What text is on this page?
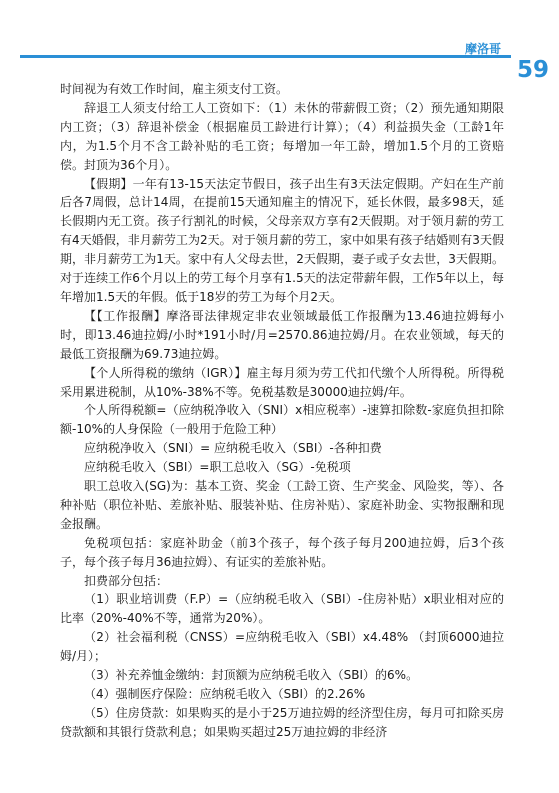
摩洛哥
59

时间视为有效工作时间，雇主须支付工资。

辞退工人须支付给工人工资如下：（1）未休的带薪假工资；（2）预先通知期限内工资；（3）辞退补偿金（根据雇员工龄进行计算）；（4）利益损失金（工龄1年内，为1.5个月不含工龄补贴的毛工资；每增加一年工龄，增加1.5个月的工资赔偿。封顶为36个月）。

【假期】一年有13-15天法定节假日，孩子出生有3天法定假期。产妇在生产前后各7周假，总计14周，在提前15天通知雇主的情况下，延长休假，最多98天，延长假期内无工资。孩子行割礼的时候，父母亲双方享有2天假期。对于领月薪的劳工有4天婚假，非月薪劳工为2天。对于领月薪的劳工，家中如果有孩子结婚则有3天假期，非月薪劳工为1天。家中有人父母去世，2天假期，妻子或子女去世，3天假期。对于连续工作6个月以上的劳工每个月享有1.5天的法定带薪年假，工作5年以上，每年增加1.5天的年假。低于18岁的劳工为每个月2天。

【【工作报酬】摩洛哥法律规定非农业领域最低工作报酬为13.46迪拉姆每小时，即13.46迪拉姆/小时*191小时/月=2570.86迪拉姆/月。在农业领域，每天的最低工资报酬为69.73迪拉姆。

【个人所得税的缴纳（IGR）】雇主每月须为劳工代扣代缴个人所得税。所得税采用累进税制，从10%-38%不等。免税基数是30000迪拉姆/年。

个人所得税额=（应纳税净收入（SNI）x相应税率）-速算扣除数-家庭负担扣除额-10%的人身保险（一般用于危险工种）

应纳税净收入（SNI）= 应纳税毛收入（SBI）-各种扣费

应纳税毛收入（SBI）=职工总收入（SG）-免税项

职工总收入(SG)为：基本工资、奖金（工龄工资、生产奖金、风险奖，等）、各种补贴（职位补贴、差旅补贴、服装补贴、住房补贴）、家庭补助金、实物报酬和现金报酬。

免税项包括：家庭补助金（前3个孩子，每个孩子每月200迪拉姆，后3个孩子，每个孩子每月36迪拉姆）、有证实的差旅补贴。

扣费部分包括：

（1）职业培训费（F.P）=（应纳税毛收入（SBI）-住房补贴）x职业相对应的比率（20%-40%不等，通常为20%）。

（2）社会福利税（CNSS）=应纳税毛收入（SBI）x4.48% （封顶6000迪拉姆/月）；

（3）补充养恤金缴纳：封顶额为应纳税毛收入（SBI）的6%。

（4）强制医疗保险：应纳税毛收入（SBI）的2.26%

（5）住房贷款：如果购买的是小于25万迪拉姆的经济型住房，每月可扣除买房贷款额和其银行贷款利息；如果购买超过25万迪拉姆的非经济
